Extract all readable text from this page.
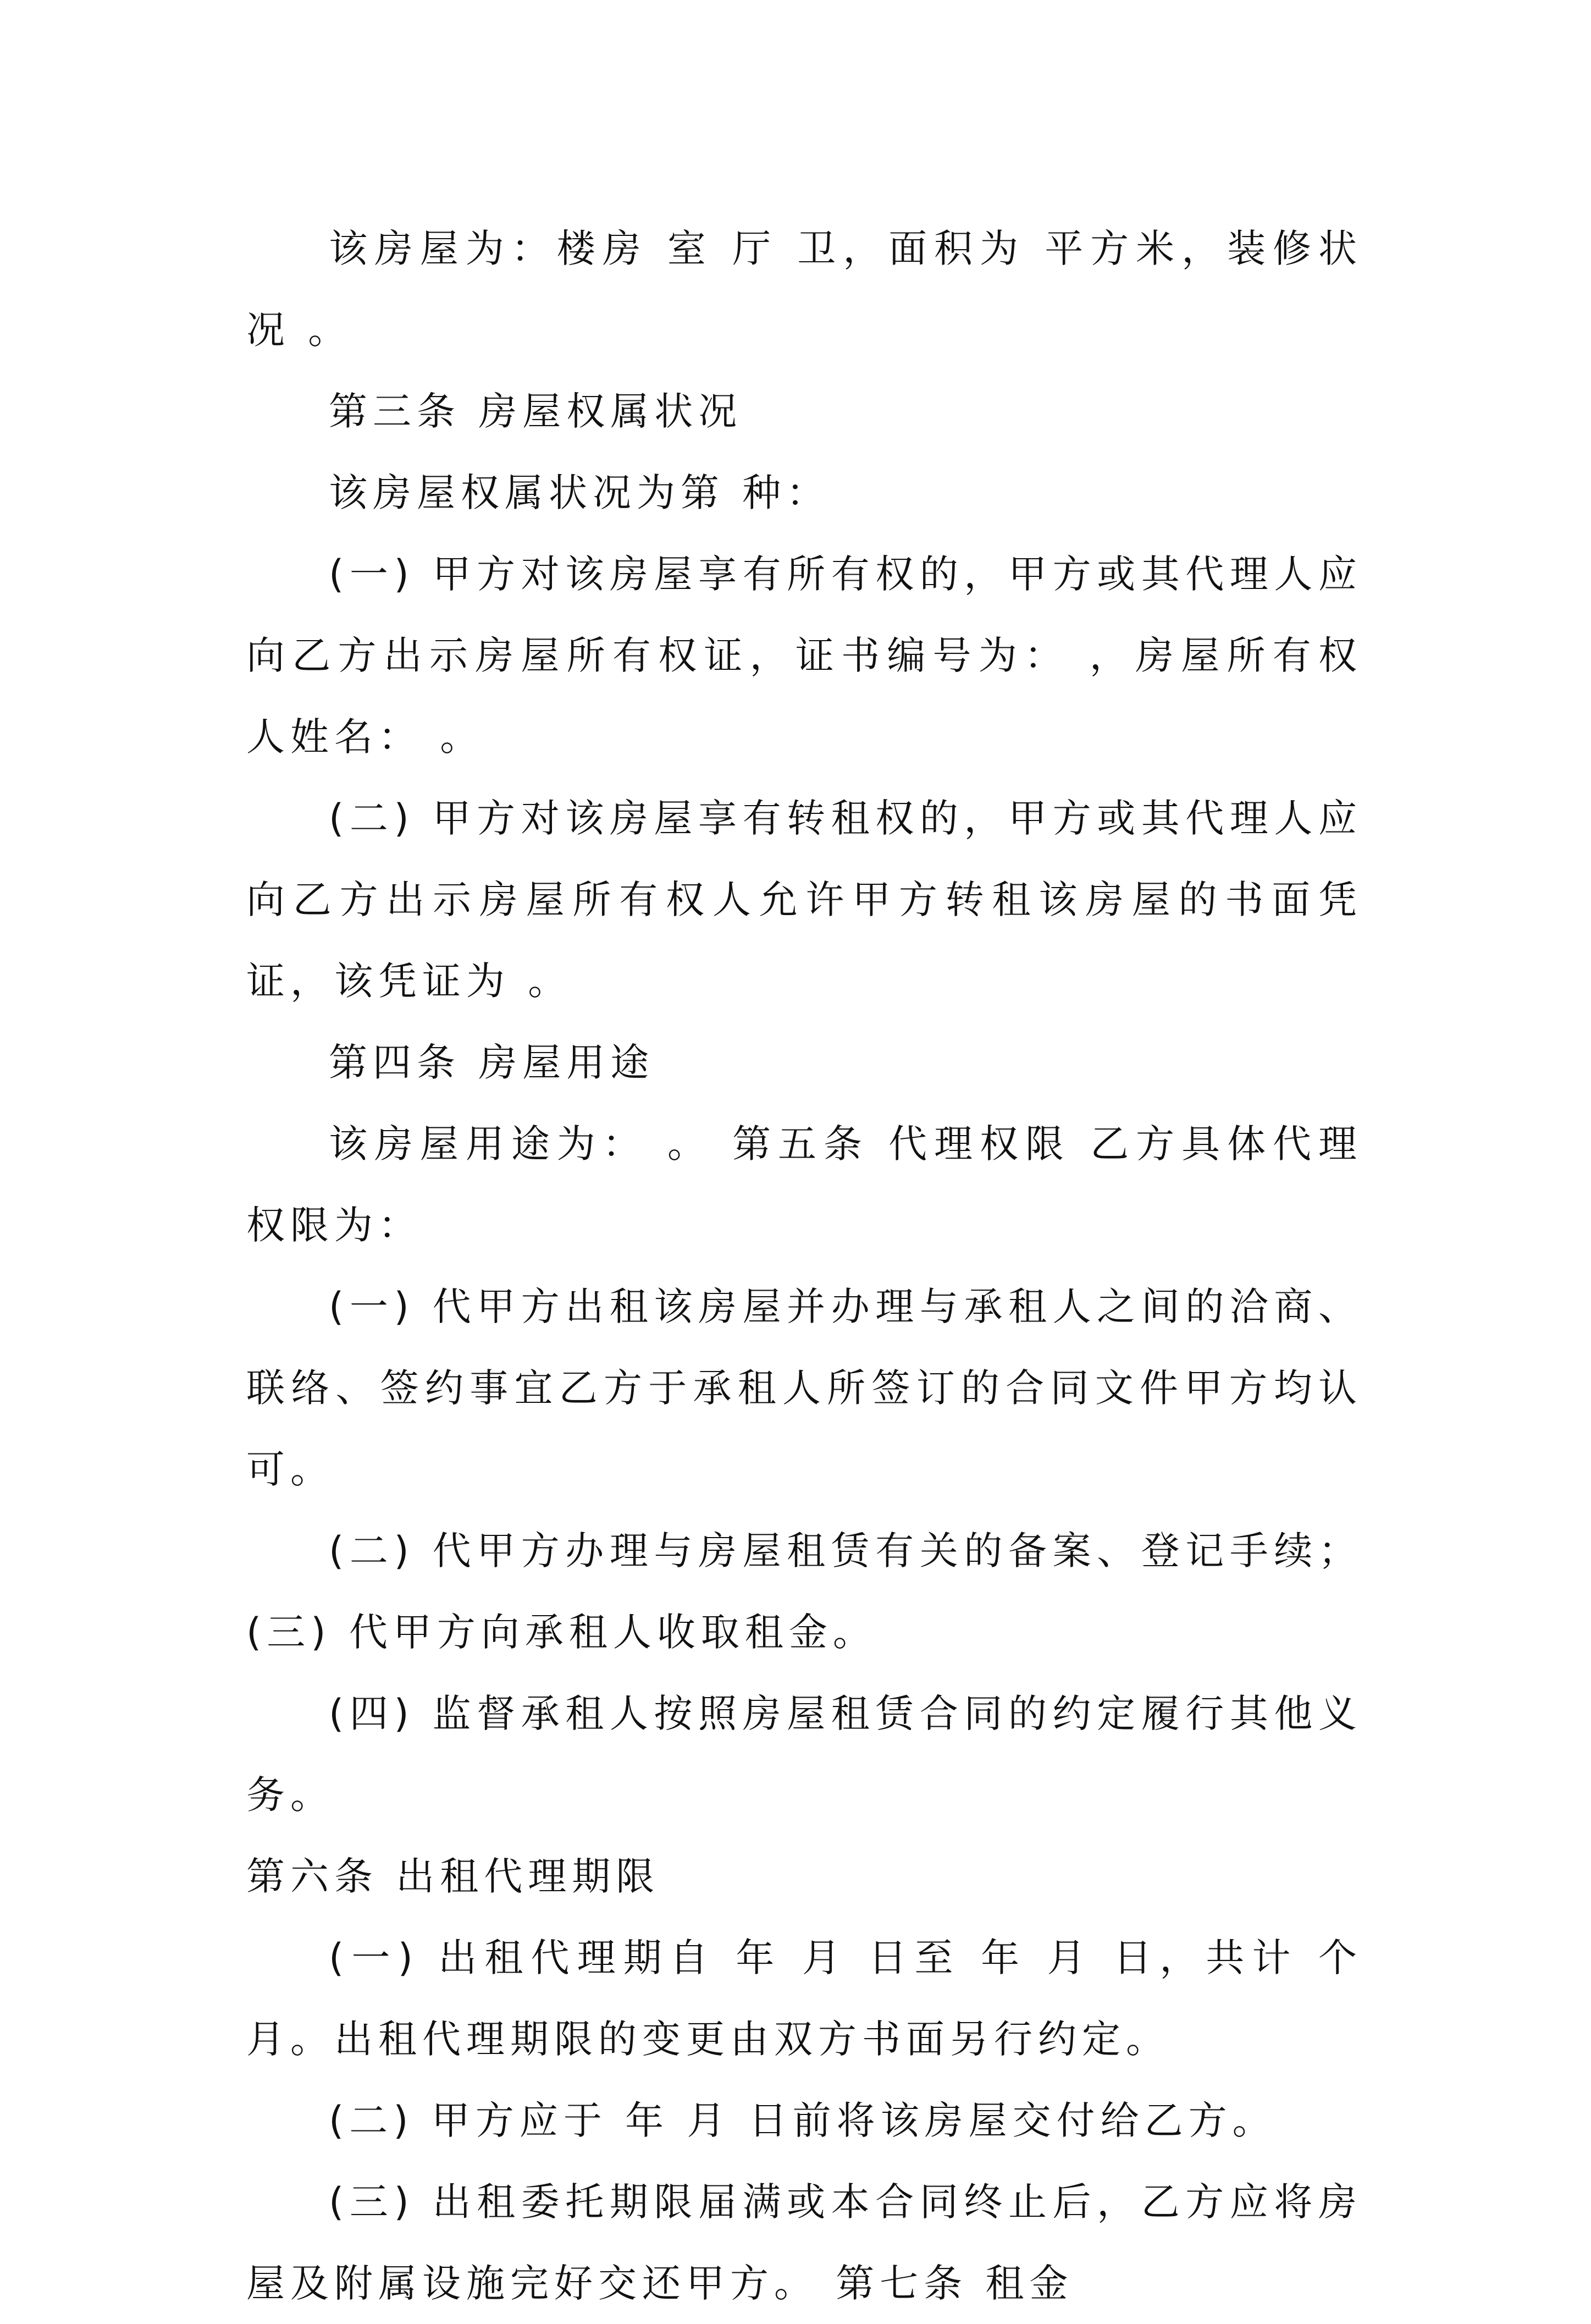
该房屋为：楼房 室 厅 卫，面积为 平方米，装修状况 。

第三条 房屋权属状况

该房屋权属状况为第 种：

(一) 甲方对该房屋享有所有权的，甲方或其代理人应向乙方出示房屋所有权证，证书编号为： ，房屋所有权人姓名： 。

(二) 甲方对该房屋享有转租权的，甲方或其代理人应向乙方出示房屋所有权人允许甲方转租该房屋的书面凭证，该凭证为 。

第四条 房屋用途

该房屋用途为： 。 第五条 代理权限 乙方具体代理权限为：

(一) 代甲方出租该房屋并办理与承租人之间的洽商、联络、签约事宜乙方于承租人所签订的合同文件甲方均认可。

(二) 代甲方办理与房屋租赁有关的备案、登记手续；(三) 代甲方向承租人收取租金。

(四) 监督承租人按照房屋租赁合同的约定履行其他义务。

第六条 出租代理期限

(一) 出租代理期自 年 月 日至 年 月 日，共计 个月。出租代理期限的变更由双方书面另行约定。

(二) 甲方应于 年 月 日前将该房屋交付给乙方。

(三) 出租委托期限届满或本合同终止后，乙方应将房屋及附属设施完好交还甲方。 第七条 租金
